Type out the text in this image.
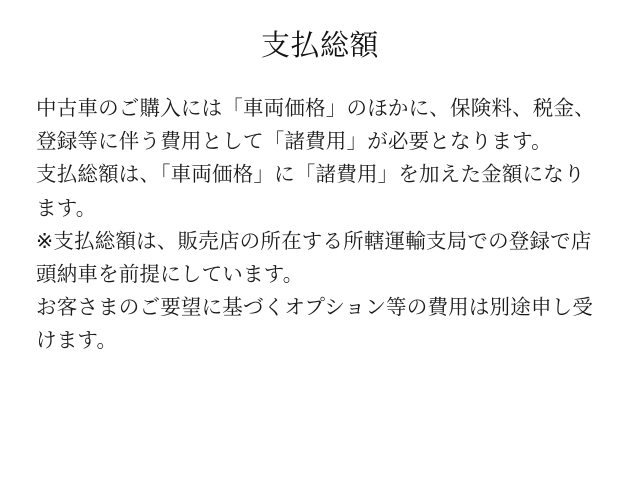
支払総額

中古車のご購入には「車両価格」のほかに、保険料、税金、登録等に伴う費用として「諸費用」が必要となります。

支払総額は、「車両価格」に「諸費用」を加えた金額になります。

※支払総額は、販売店の所在する所轄運輸支局での登録で店頭納車を前提にしています。

お客さまのご要望に基づくオプション等の費用は別途申し受けます。
